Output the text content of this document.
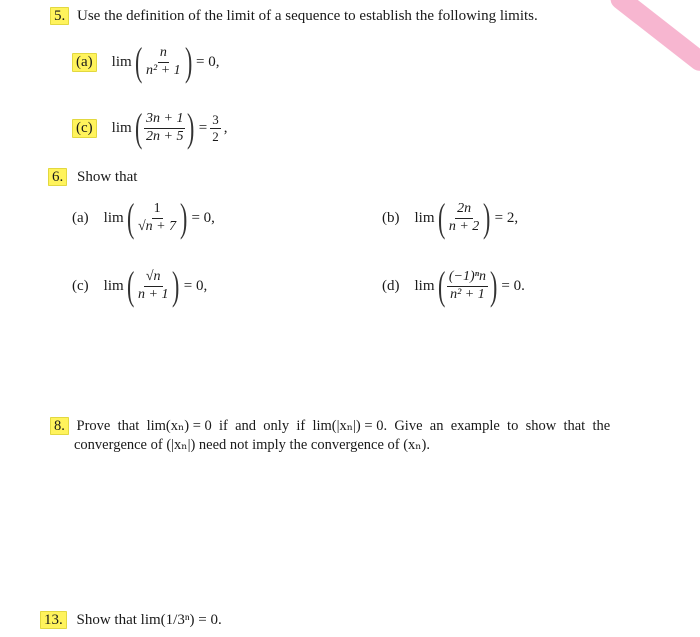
5. Use the definition of the limit of a sequence to establish the following limits.
(a) lim ( $\frac{n}{\text{n² + 1}}$ ) = 0,
(c) lim ( $\frac{3n + 1}{2n + 5}$ ) = $\frac{3}{2}$ ,
6. Show that
(a) lim ( $\frac{1}{√n + 7}$ ) = 0,	(b) lim ( $\frac{2n}{n + 2}$ ) = 2,
(c) lim ( $\frac{√n}{n + 1}$ ) = 0,	(d) lim ( $\frac{\text{(−1)ⁿn}}{\text{n² + 1}}$ ) = 0.
8. Prove  that  lim(xₙ) = 0  if  and  only  if  lim(|xₙ|) = 0.  Give  an  example  to  show  that  the
convergence of (|xₙ|) need not imply the convergence of (xₙ).
13. Show that lim(1/3ⁿ) = 0.
